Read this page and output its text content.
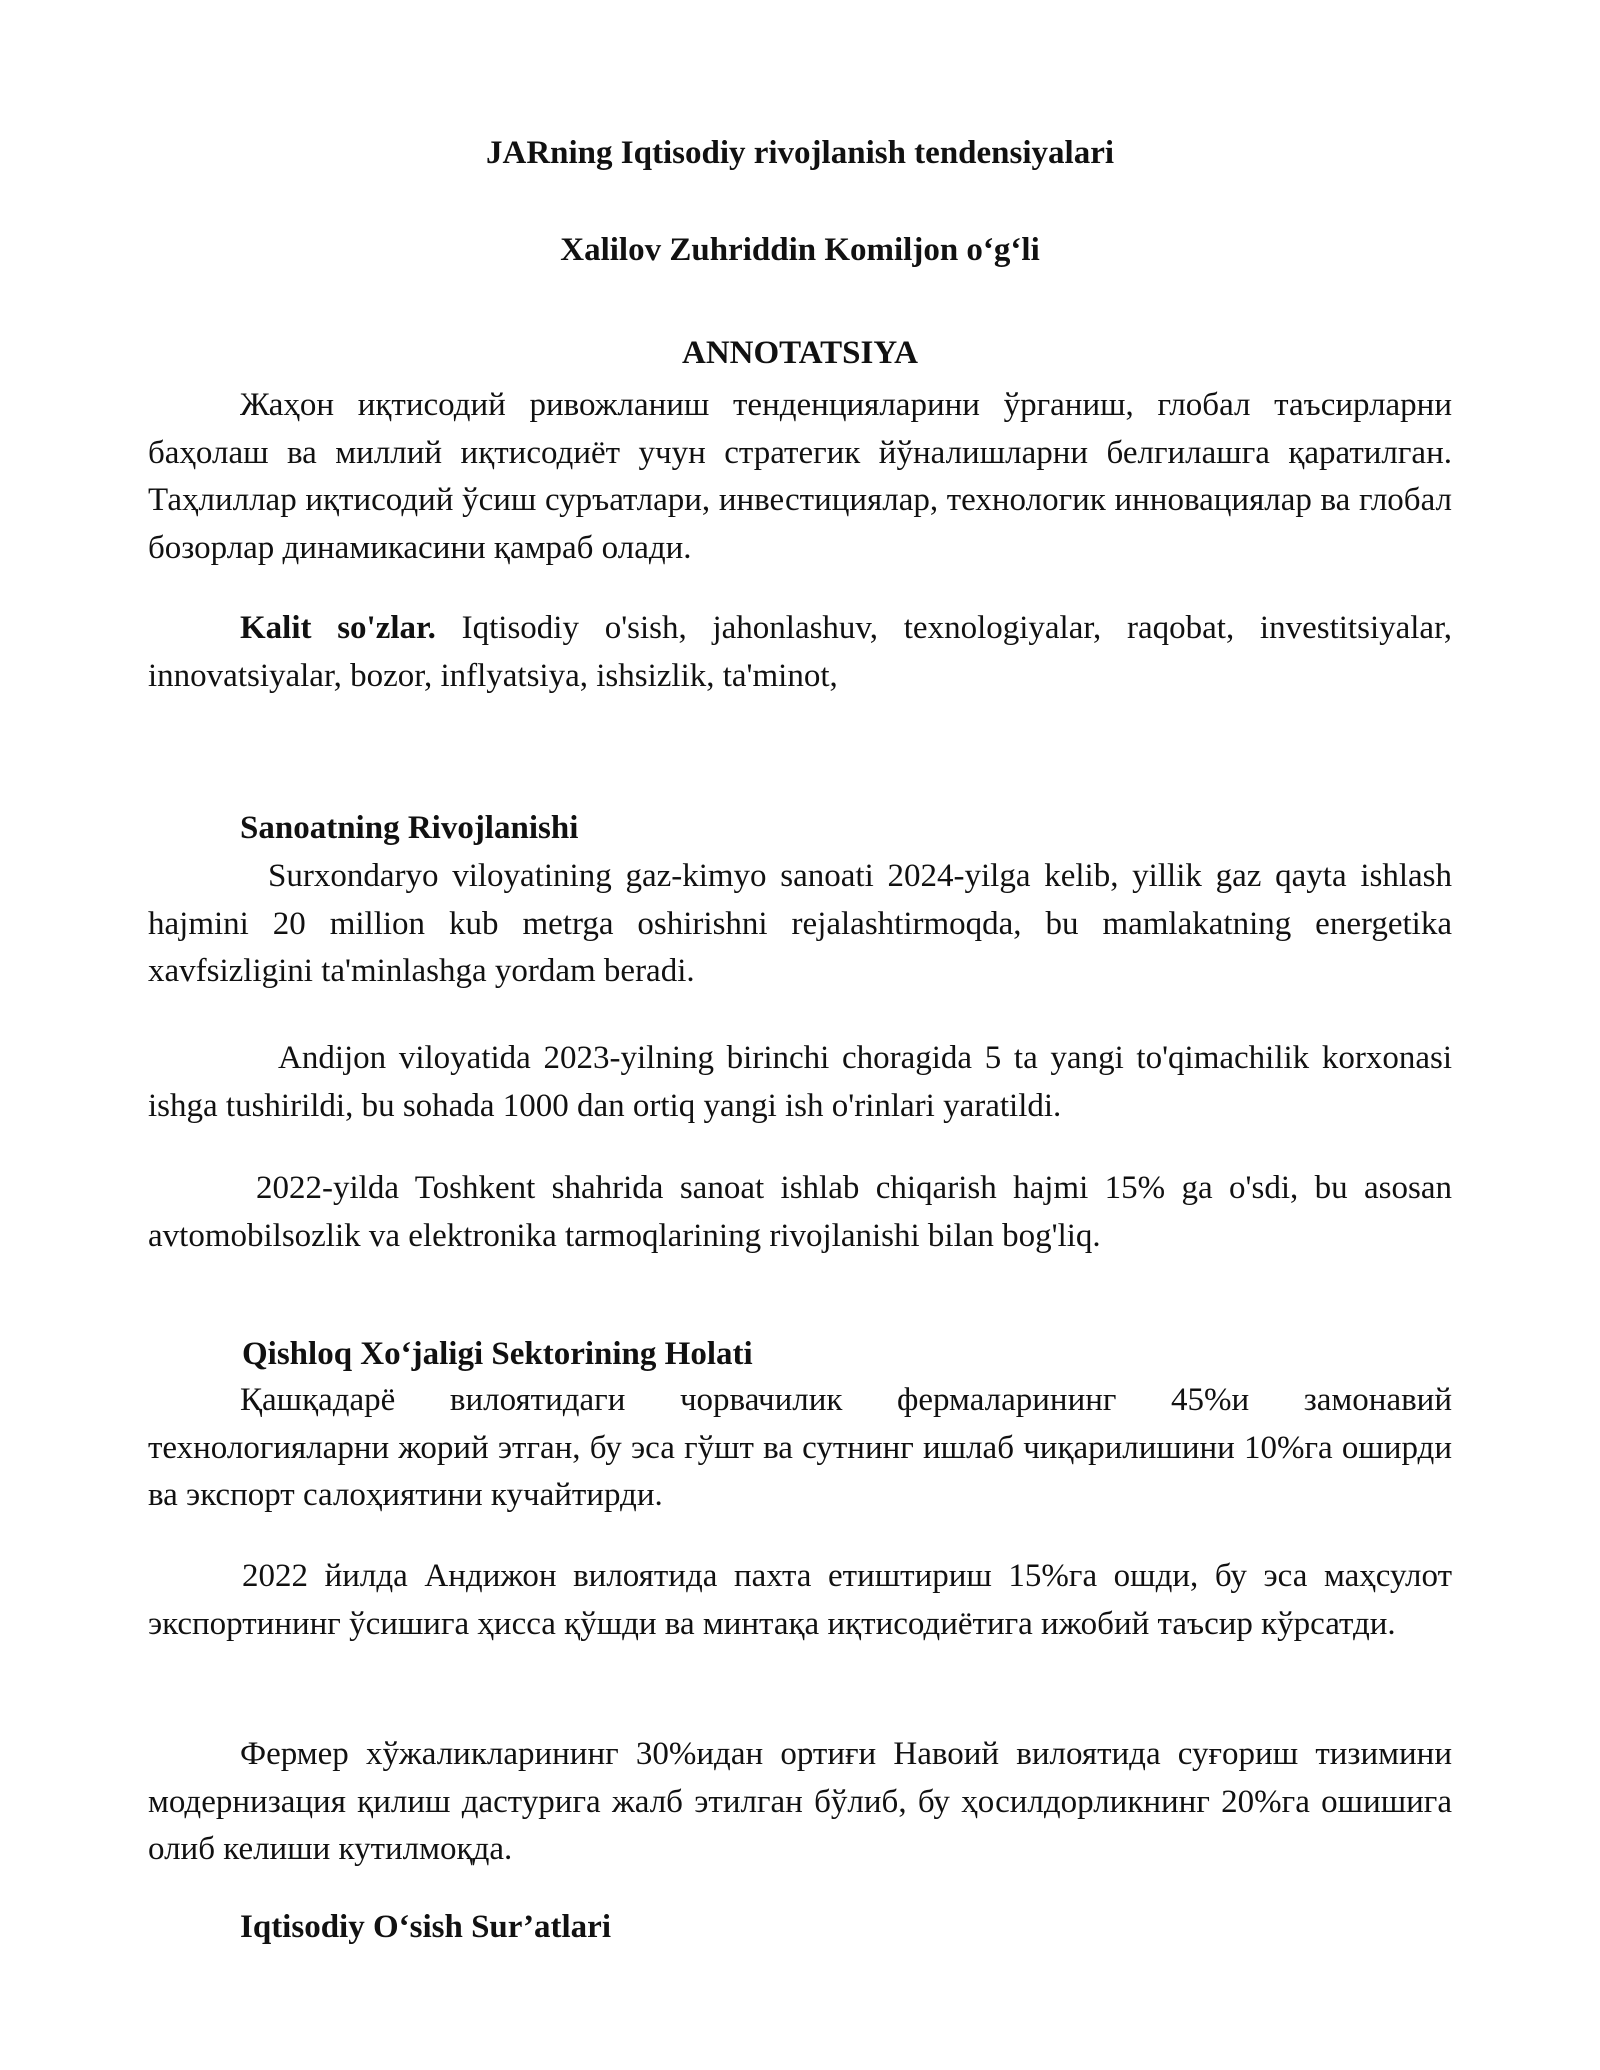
JARning Iqtisodiy rivojlanish tendensiyalari
Xalilov Zuhriddin Komiljon o‘g‘li
ANNOTATSIYA

Жаҳон иқтисодий ривожланиш тенденцияларини ўрганиш, глобал таъсирларни баҳолаш ва миллий иқтисодиёт учун стратегик йўналишларни белгилашга қаратилган. Таҳлиллар иқтисодий ўсиш суръатлари, инвестициялар, технологик инновациялар ва глобал бозорлар динамикасини қамраб олади.

Kalit so'zlar. Iqtisodiy o'sish, jahonlashuv, texnologiyalar, raqobat, investitsiyalar, innovatsiyalar, bozor, inflyatsiya, ishsizlik, ta'minot,

Sanoatning Rivojlanishi

Surxondaryo viloyatining gaz-kimyo sanoati 2024-yilga kelib, yillik gaz qayta ishlash hajmini 20 million kub metrga oshirishni rejalashtirmoqda, bu mamlakatning energetika xavfsizligini ta'minlashga yordam beradi.

Andijon viloyatida 2023-yilning birinchi choragida 5 ta yangi to'qimachilik korxonasi ishga tushirildi, bu sohada 1000 dan ortiq yangi ish o'rinlari yaratildi.

2022-yilda Toshkent shahrida sanoat ishlab chiqarish hajmi 15% ga o'sdi, bu asosan avtomobilsozlik va elektronika tarmoqlarining rivojlanishi bilan bog'liq.

Qishloq Xo‘jaligi Sektorining Holati

Қашқадарё вилоятидаги чорвачилик фермаларининг 45%и замонавий технологияларни жорий этган, бу эса гўшт ва сутнинг ишлаб чиқарилишини 10%га оширди ва экспорт салоҳиятини кучайтирди.

2022 йилда Андижон вилоятида пахта етиштириш 15%га ошди, бу эса маҳсулот экспортининг ўсишига ҳисса қўшди ва минтақа иқтисодиётига ижобий таъсир кўрсатди.

Фермер хўжаликларининг 30%идан ортиғи Навоий вилоятида суғориш тизимини модернизация қилиш дастурига жалб этилган бўлиб, бу ҳосилдорликнинг 20%га ошишига олиб келиши кутилмоқда.

Iqtisodiy O‘sish Sur’atlari
